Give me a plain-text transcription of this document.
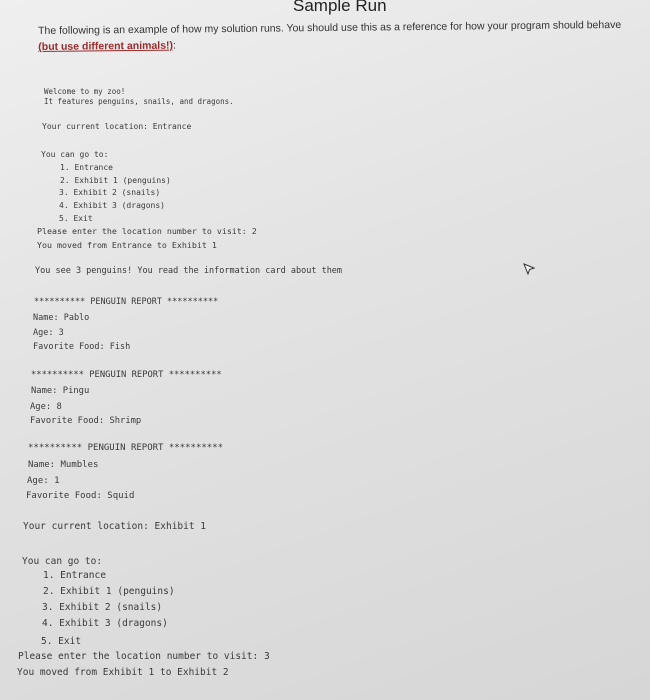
Sample Run
The following is an example of how my solution runs. You should use this as a reference for how your program should behave (but use different animals!):
Welcome to my zoo!
It features penguins, snails, and dragons.
Your current location: Entrance
You can go to:
1. Entrance
2. Exhibit 1 (penguins)
3. Exhibit 2 (snails)
4. Exhibit 3 (dragons)
5. Exit
Please enter the location number to visit: 2
You moved from Entrance to Exhibit 1
You see 3 penguins! You read the information card about them
********** PENGUIN REPORT **********
Name: Pablo
Age: 3
Favorite Food: Fish
********** PENGUIN REPORT **********
Name: Pingu
Age: 8
Favorite Food: Shrimp
********** PENGUIN REPORT **********
Name: Mumbles
Age: 1
Favorite Food: Squid
Your current location: Exhibit 1
You can go to:
1. Entrance
2. Exhibit 1 (penguins)
3. Exhibit 2 (snails)
4. Exhibit 3 (dragons)
5. Exit
Please enter the location number to visit: 3
You moved from Exhibit 1 to Exhibit 2
